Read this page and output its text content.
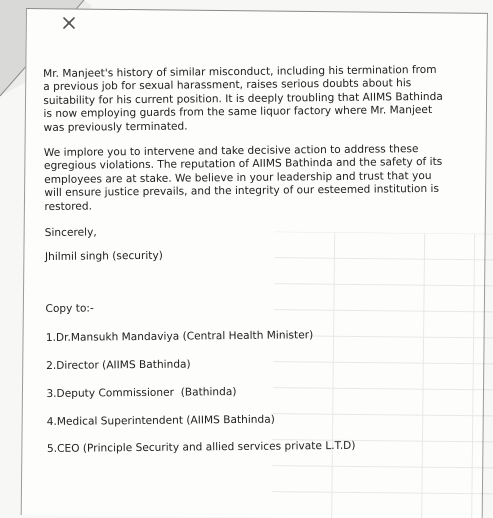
Mr. Manjeet's history of similar misconduct, including his termination from a previous job for sexual harassment, raises serious doubts about his suitability for his current position. It is deeply troubling that AIIMS Bathinda is now employing guards from the same liquor factory where Mr. Manjeet was previously terminated.

We implore you to intervene and take decisive action to address these egregious violations. The reputation of AIIMS Bathinda and the safety of its employees are at stake. We believe in your leadership and trust that you will ensure justice prevails, and the integrity of our esteemed institution is restored.

Sincerely,

Jhilmil singh (security)

Copy to:-

1.Dr.Mansukh Mandaviya (Central Health Minister)

2.Director (AIIMS Bathinda)

3.Deputy Commissioner  (Bathinda)

4.Medical Superintendent (AIIMS Bathinda)

5.CEO (Principle Security and allied services private L.T.D)
